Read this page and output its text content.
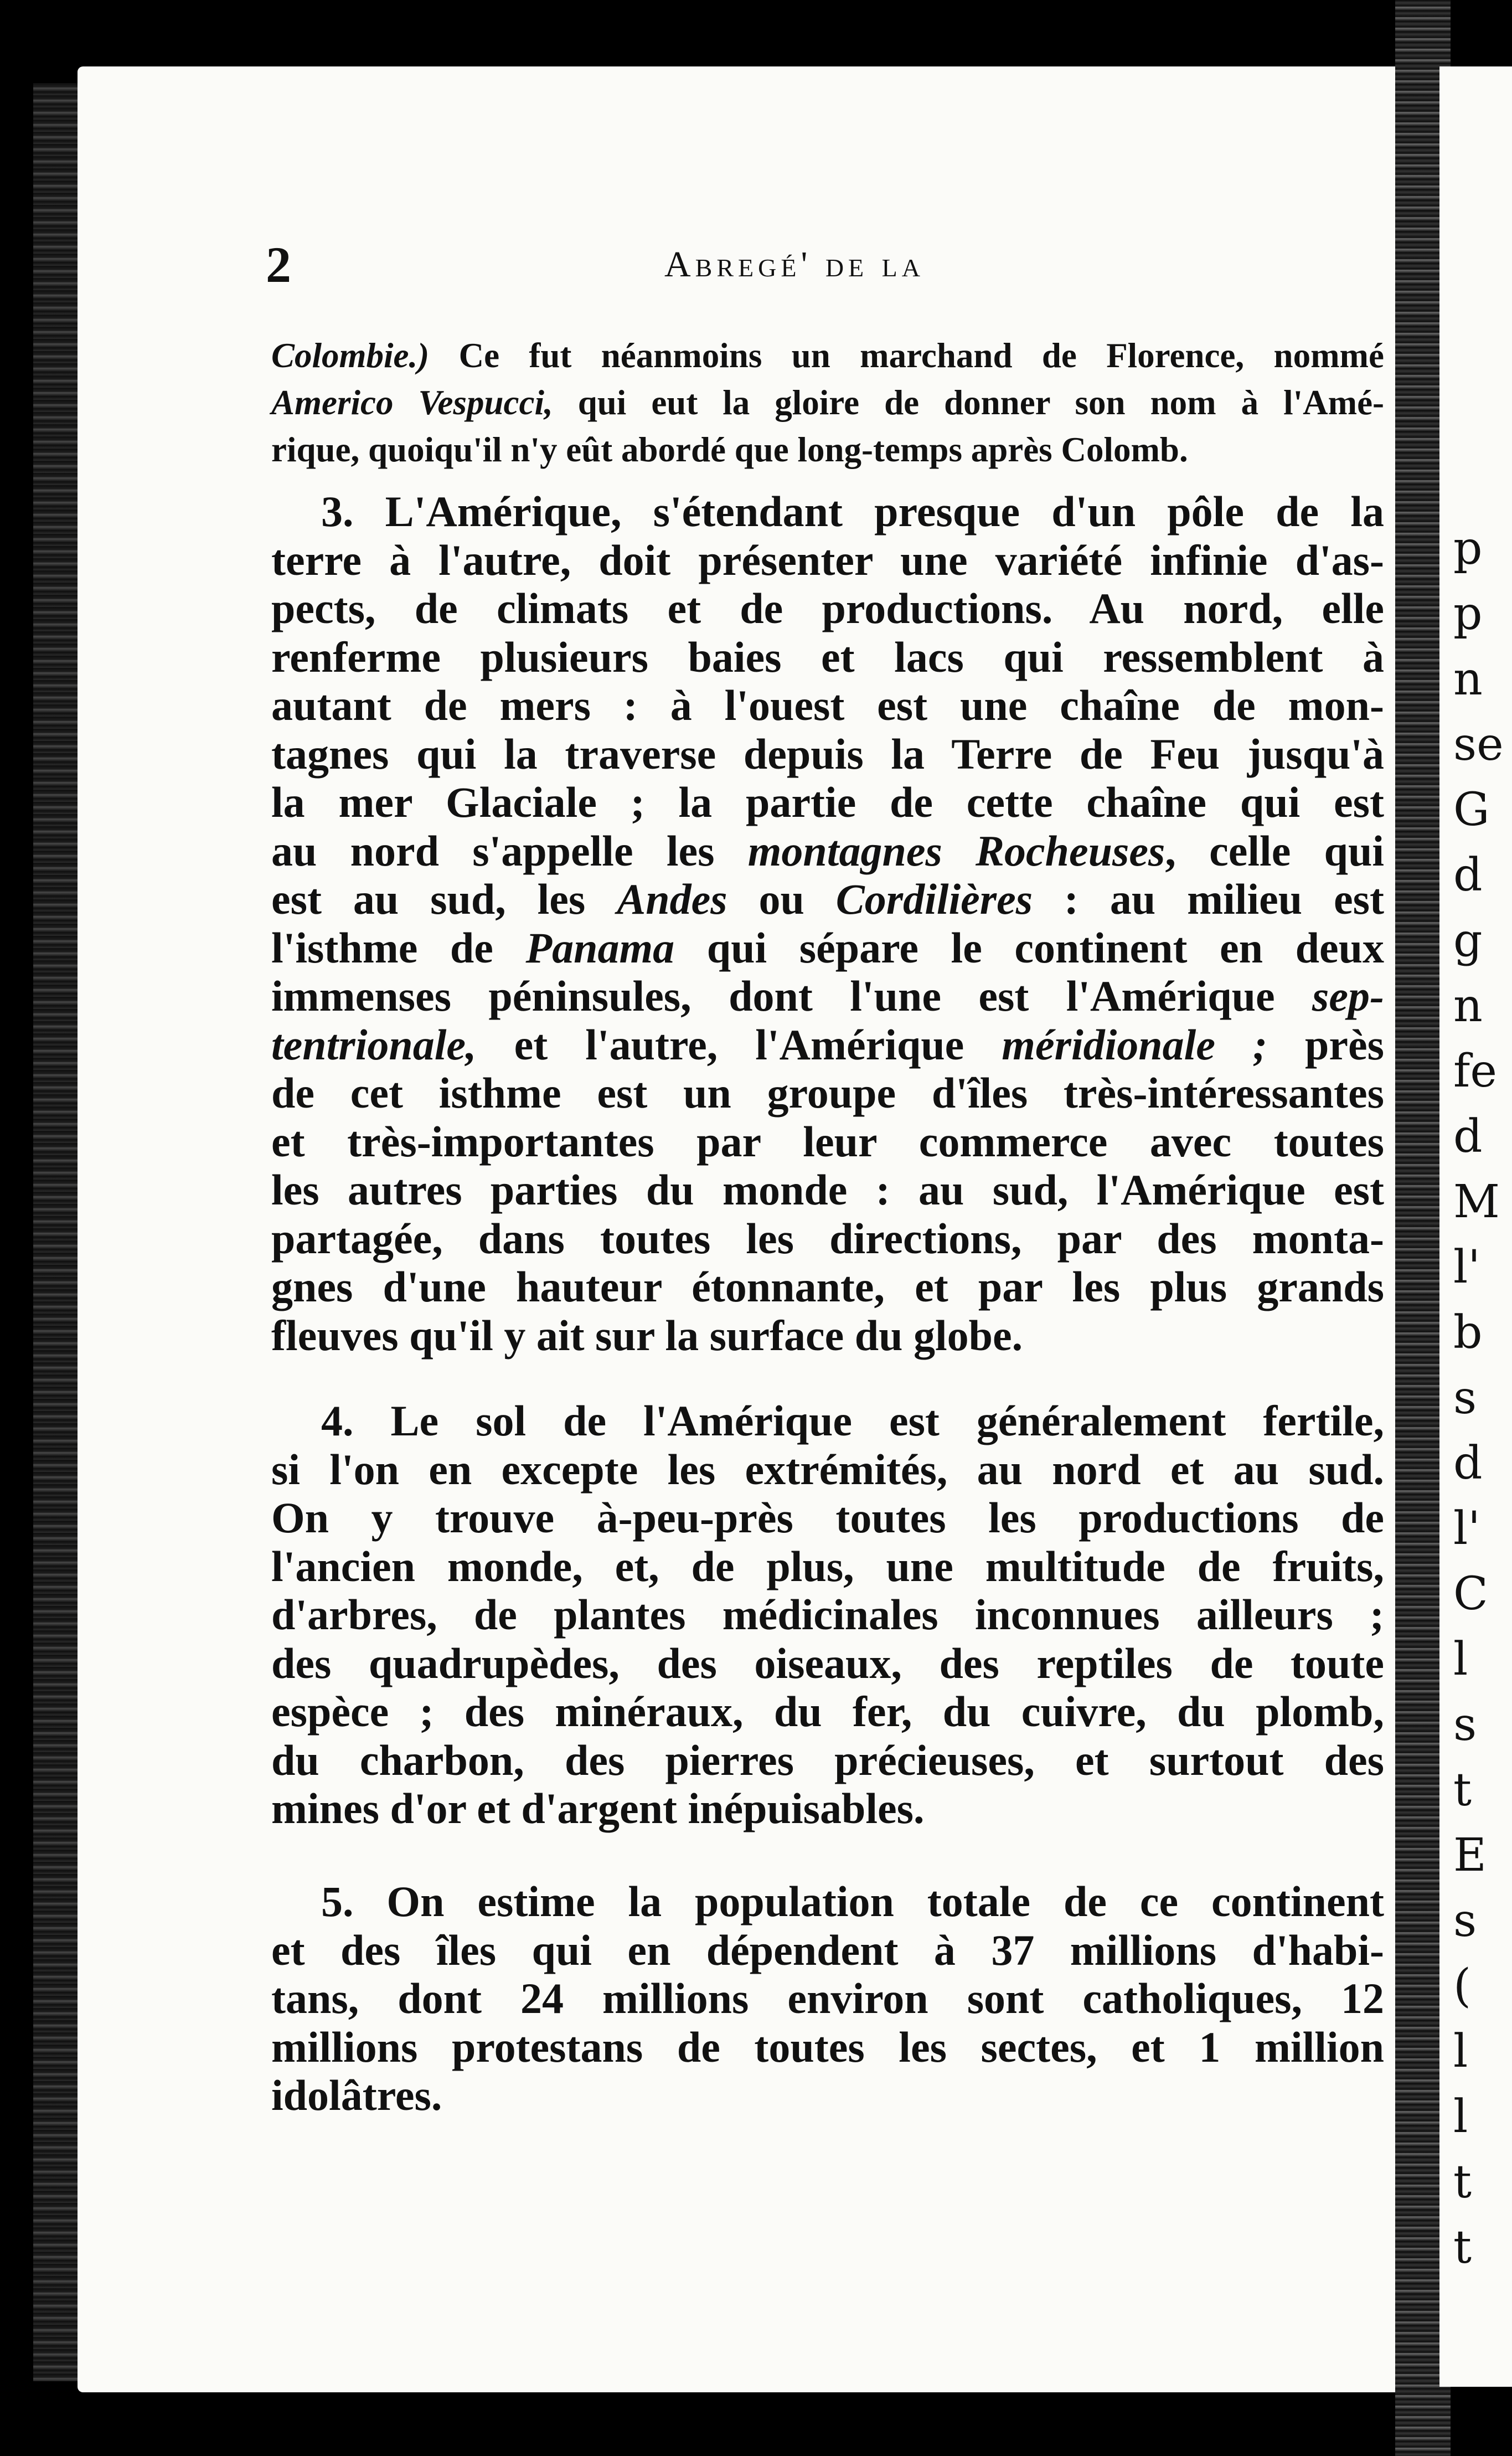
2	Abregé' de la
Colombie.) Ce fut néanmoins un marchand de Florence, nommé
Americo Vespucci, qui eut la gloire de donner son nom à l'Amé-
rique, quoiqu'il n'y eût abordé que long-temps après Colomb.
3. L'Amérique, s'étendant presque d'un pôle de la
terre à l'autre, doit présenter une variété infinie d'as-
pects, de climats et de productions. Au nord, elle
renferme plusieurs baies et lacs qui ressemblent à
autant de mers : à l'ouest est une chaîne de mon-
tagnes qui la traverse depuis la Terre de Feu jusqu'à
la mer Glaciale ; la partie de cette chaîne qui est
au nord s'appelle les montagnes Rocheuses, celle qui
est au sud, les Andes ou Cordilières : au milieu est
l'isthme de Panama qui sépare le continent en deux
immenses péninsules, dont l'une est l'Amérique sep-
tentrionale, et l'autre, l'Amérique méridionale ; près
de cet isthme est un groupe d'îles très-intéressantes
et très-importantes par leur commerce avec toutes
les autres parties du monde : au sud, l'Amérique est
partagée, dans toutes les directions, par des monta-
gnes d'une hauteur étonnante, et par les plus grands
fleuves qu'il y ait sur la surface du globe.
4. Le sol de l'Amérique est généralement fertile,
si l'on en excepte les extrémités, au nord et au sud.
On y trouve à-peu-près toutes les productions de
l'ancien monde, et, de plus, une multitude de fruits,
d'arbres, de plantes médicinales inconnues ailleurs ;
des quadrupèdes, des oiseaux, des reptiles de toute
espèce ; des minéraux, du fer, du cuivre, du plomb,
du charbon, des pierres précieuses, et surtout des
mines d'or et d'argent inépuisables.
5. On estime la population totale de ce continent
et des îles qui en dépendent à 37 millions d'habi-
tans, dont 24 millions environ sont catholiques, 12
millions protestans de toutes les sectes, et 1 million
idolâtres.
p
p
n
se
G
d
g
n
fe
d
M
l'
b
s
d
l'
C
l
s
t
E
s
(
l
l
t
t
